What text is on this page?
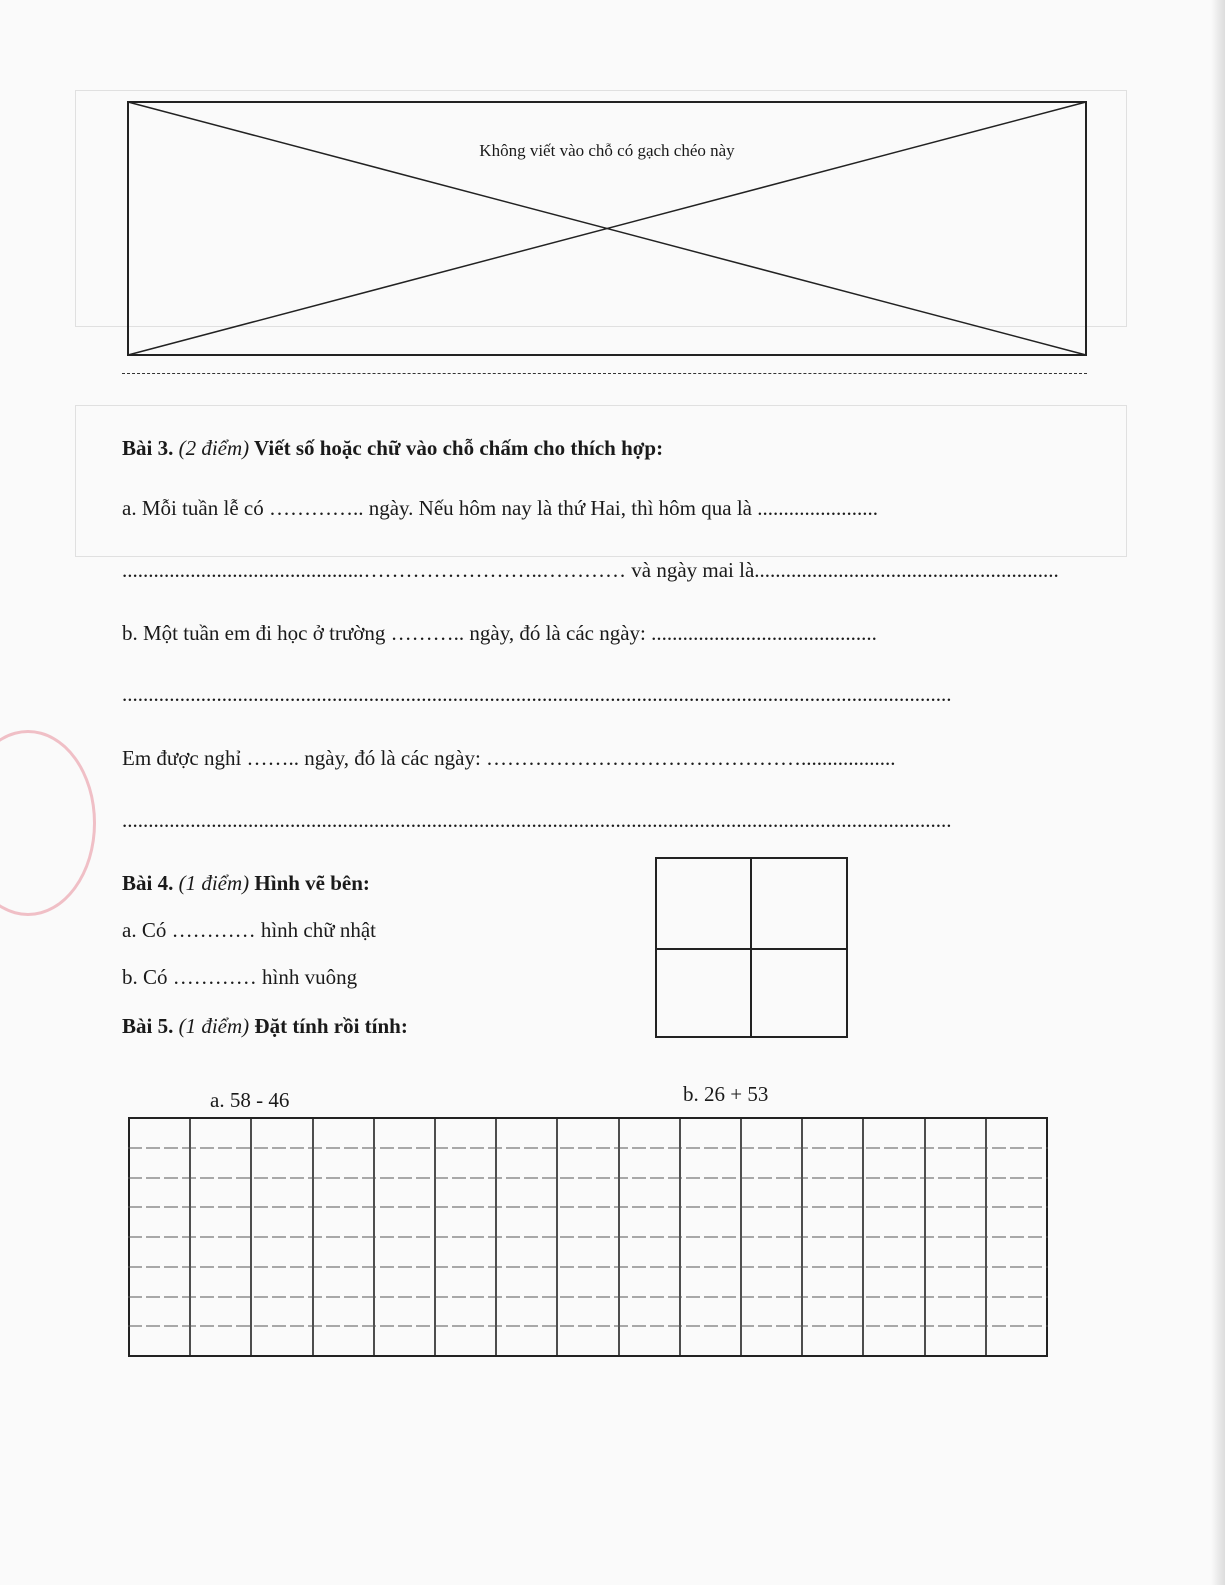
Không viết vào chỗ có gạch chéo này
Bài 3. (2 điểm) Viết số hoặc chữ vào chỗ chấm cho thích hợp:
a. Mỗi tuần lễ có ………….. ngày. Nếu hôm nay là thứ Hai, thì hôm qua là .......................
..............................................……………………..………… và ngày mai là..........................................................
b. Một tuần em đi học ở trường ……….. ngày, đó là các ngày: ...........................................
..............................................................................................................................................................
Em được nghỉ …….. ngày, đó là các ngày: ………………………………………..................
..............................................................................................................................................................
Bài 4. (1 điểm) Hình vẽ bên:
a. Có ………… hình chữ nhật
b. Có ………… hình vuông
Bài 5. (1 điểm) Đặt tính rồi tính:
a. 58 - 46	b. 26 + 53
